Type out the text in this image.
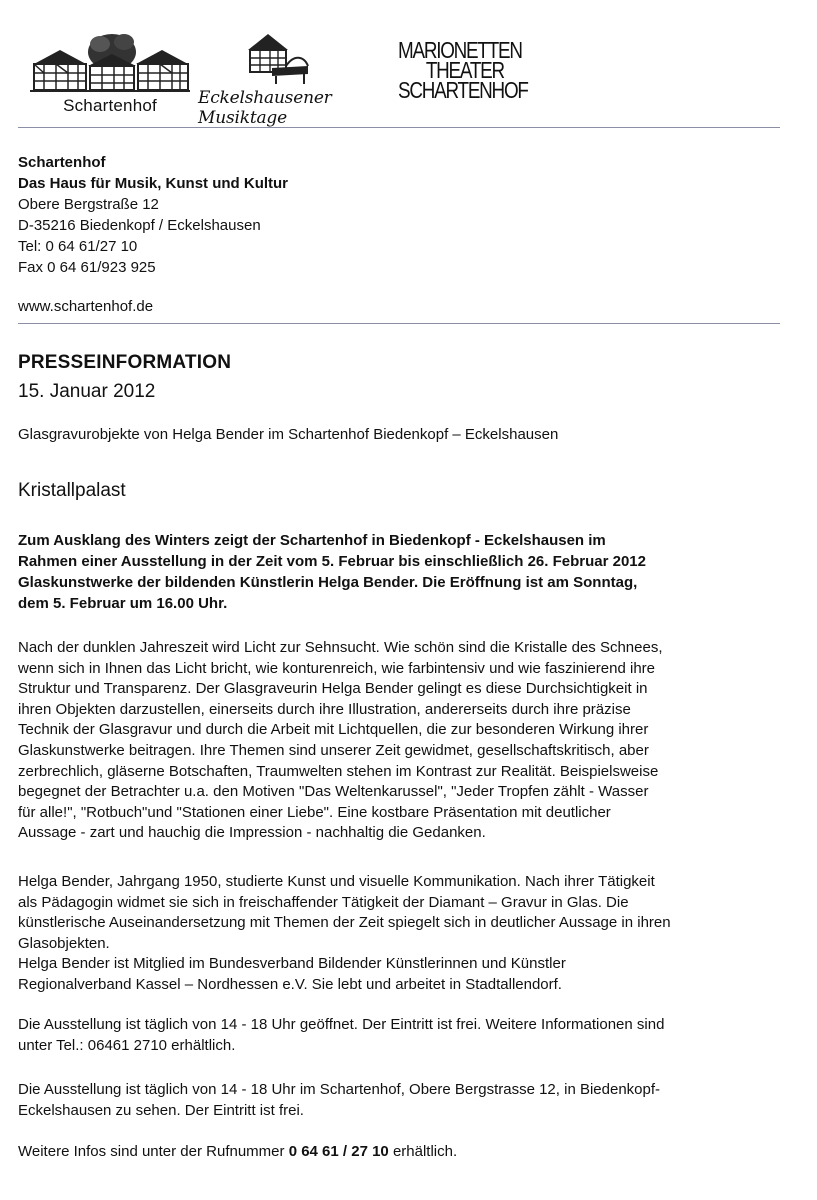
Schartenhof	Eckelshausener Musiktage
MARIONETTEN
THEATER
SCHARTENHOF
Schartenhof
Das Haus für Musik, Kunst und Kultur
Obere Bergstraße 12
D-35216 Biedenkopf / Eckelshausen
Tel: 0 64 61/27 10
Fax 0 64 61/923 925
www.schartenhof.de
PRESSEINFORMATION
15. Januar 2012
Glasgravurobjekte von Helga Bender im Schartenhof Biedenkopf – Eckelshausen
Kristallpalast
Zum Ausklang des Winters zeigt der Schartenhof in Biedenkopf - Eckelshausen im
Rahmen einer Ausstellung in der Zeit vom 5. Februar bis einschließlich 26. Februar 2012
Glaskunstwerke der bildenden Künstlerin Helga Bender. Die Eröffnung ist am Sonntag,
dem 5. Februar um 16.00 Uhr.
Nach der dunklen Jahreszeit wird Licht zur Sehnsucht. Wie schön sind die Kristalle des Schnees,
wenn sich in Ihnen das Licht bricht, wie konturenreich, wie farbintensiv und wie faszinierend ihre
Struktur und Transparenz. Der Glasgraveurin Helga Bender gelingt es diese Durchsichtigkeit in
ihren Objekten darzustellen, einerseits durch ihre Illustration, andererseits durch ihre präzise
Technik der Glasgravur und durch die Arbeit mit Lichtquellen, die zur besonderen Wirkung ihrer
Glaskunstwerke beitragen. Ihre Themen sind unserer Zeit gewidmet, gesellschaftskritisch, aber
zerbrechlich, gläserne Botschaften, Traumwelten stehen im Kontrast zur Realität. Beispielsweise
begegnet der Betrachter u.a. den Motiven "Das Weltenkarussel", "Jeder Tropfen zählt - Wasser
für alle!", "Rotbuch"und "Stationen einer Liebe". Eine kostbare Präsentation mit deutlicher
Aussage - zart und hauchig die Impression - nachhaltig die Gedanken.
Helga Bender, Jahrgang 1950, studierte Kunst und visuelle Kommunikation. Nach ihrer Tätigkeit
als Pädagogin widmet sie sich in freischaffender Tätigkeit der Diamant – Gravur in Glas. Die
künstlerische Auseinandersetzung mit Themen der Zeit spiegelt sich in deutlicher Aussage in ihren
Glasobjekten.
Helga Bender ist Mitglied im Bundesverband Bildender Künstlerinnen und Künstler
Regionalverband Kassel – Nordhessen e.V. Sie lebt und arbeitet in Stadtallendorf.
Die Ausstellung ist täglich von 14 - 18 Uhr geöffnet. Der Eintritt ist frei. Weitere Informationen sind
unter Tel.: 06461 2710 erhältlich.
Die Ausstellung ist täglich von 14 - 18 Uhr im Schartenhof, Obere Bergstrasse 12, in Biedenkopf-
Eckelshausen zu sehen. Der Eintritt ist frei.
Weitere Infos sind unter der Rufnummer 0 64 61 / 27 10 erhältlich.
